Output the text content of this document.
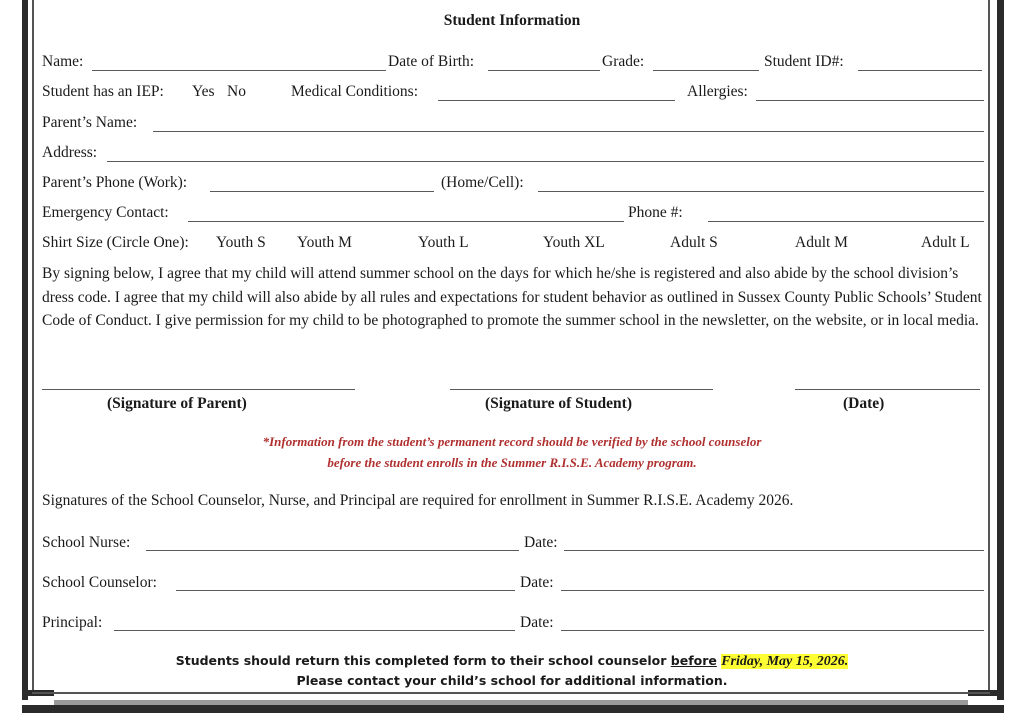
Student Information
Name:	Date of Birth:	Grade:	Student ID#:
Student has an IEP: Yes No	Medical Conditions:	Allergies:
Parent’s Name:
Address:
Parent’s Phone (Work):	(Home/Cell):
Emergency Contact:	Phone #:
Shirt Size (Circle One): Youth S Youth M	Youth L	Youth XL	Adult S	Adult M	Adult L
By signing below, I agree that my child will attend summer school on the days for which he/she is registered and also abide by the school division’s dress code. I agree that my child will also abide by all rules and expectations for student behavior as outlined in Sussex County Public Schools’ Student Code of Conduct. I give permission for my child to be photographed to promote the summer school in the newsletter, on the website, or in local media.
(Signature of Parent)	(Signature of Student)	(Date)
*Information from the student’s permanent record should be verified by the school counselor
before the student enrolls in the Summer R.I.S.E. Academy program.
Signatures of the School Counselor, Nurse, and Principal are required for enrollment in Summer R.I.S.E. Academy 2026.
School Nurse:	Date:
School Counselor:	Date:
Principal:	Date:
Students should return this completed form to their school counselor before Friday, May 15, 2026.
Please contact your child’s school for additional information.
